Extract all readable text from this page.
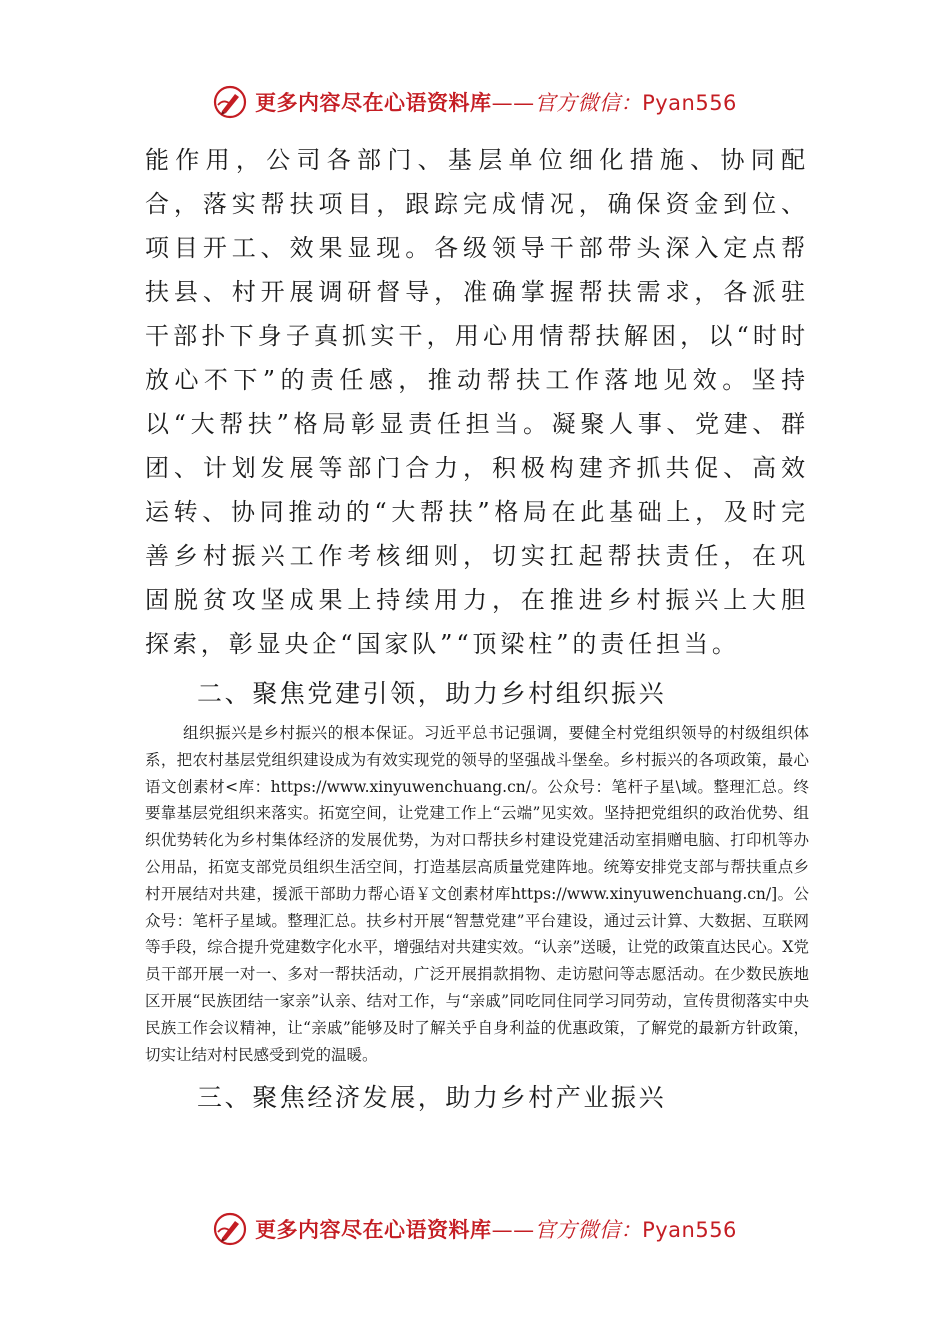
更多内容尽在心语资料库——官方微信：Pyan556

能作用，公司各部门、基层单位细化措施、协同配合，落实帮扶项目，跟踪完成情况，确保资金到位、项目开工、效果显现。各级领导干部带头深入定点帮扶县、村开展调研督导，准确掌握帮扶需求，各派驻干部扑下身子真抓实干，用心用情帮扶解困，以“时时放心不下”的责任感，推动帮扶工作落地见效。坚持以“大帮扶”格局彰显责任担当。凝聚人事、党建、群团、计划发展等部门合力，积极构建齐抓共促、高效运转、协同推动的“大帮扶”格局在此基础上，及时完善乡村振兴工作考核细则，切实扛起帮扶责任，在巩固脱贫攻坚成果上持续用力，在推进乡村振兴上大胆探索，彰显央企“国家队”“顶梁柱”的责任担当。

二、聚焦党建引领，助力乡村组织振兴

组织振兴是乡村振兴的根本保证。习近平总书记强调，要健全村党组织领导的村级组织体系，把农村基层党组织建设成为有效实现党的领导的坚强战斗堡垒。乡村振兴的各项政策，最心语文创素材<库：https://www.xinyuwenchuang.cn/。公众号：笔杆子星\域。整理汇总。终要靠基层党组织来落实。拓宽空间，让党建工作上“云端”见实效。坚持把党组织的政治优势、组织优势转化为乡村集体经济的发展优势，为对口帮扶乡村建设党建活动室捐赠电脑、打印机等办公用品，拓宽支部党员组织生活空间，打造基层高质量党建阵地。统筹安排党支部与帮扶重点乡村开展结对共建，援派干部助力帮心语￥文创素材库https://www.xinyuwenchuang.cn/]。公众号：笔杆子星域。整理汇总。扶乡村开展“智慧党建”平台建设，通过云计算、大数据、互联网等手段，综合提升党建数字化水平，增强结对共建实效。“认亲”送暖，让党的政策直达民心。X党员干部开展一对一、多对一帮扶活动，广泛开展捐款捐物、走访慰问等志愿活动。在少数民族地区开展“民族团结一家亲”认亲、结对工作，与“亲戚”同吃同住同学习同劳动，宣传贯彻落实中央民族工作会议精神，让“亲戚”能够及时了解关乎自身利益的优惠政策，了解党的最新方针政策，切实让结对村民感受到党的温暖。

三、聚焦经济发展，助力乡村产业振兴
更多内容尽在心语资料库——官方微信：Pyan556
